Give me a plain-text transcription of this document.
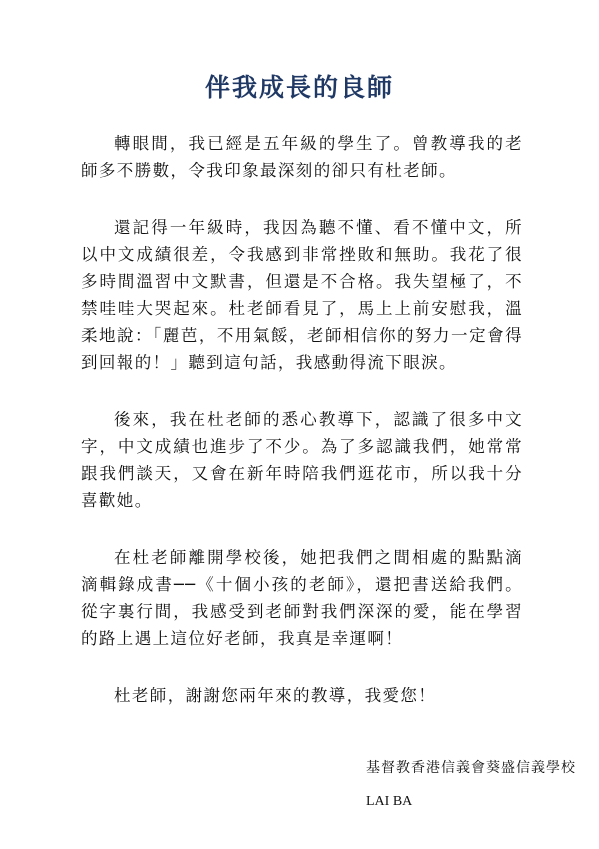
伴我成長的良師

轉眼間，我已經是五年級的學生了。曾教導我的老師多不勝數，令我印象最深刻的卻只有杜老師。

還記得一年級時，我因為聽不懂、看不懂中文，所以中文成績很差，令我感到非常挫敗和無助。我花了很多時間溫習中文默書，但還是不合格。我失望極了，不禁哇哇大哭起來。杜老師看見了，馬上上前安慰我，溫柔地說：「麗芭，不用氣餒，老師相信你的努力一定會得到回報的！」聽到這句話，我感動得流下眼淚。

後來，我在杜老師的悉心教導下，認識了很多中文字，中文成績也進步了不少。為了多認識我們，她常常跟我們談天，又會在新年時陪我們逛花市，所以我十分喜歡她。

在杜老師離開學校後，她把我們之間相處的點點滴滴輯錄成書──《十個小孩的老師》，還把書送給我們。從字裏行間，我感受到老師對我們深深的愛，能在學習的路上遇上這位好老師，我真是幸運啊！

杜老師，謝謝您兩年來的教導，我愛您！

基督教香港信義會葵盛信義學校
LAI BA
